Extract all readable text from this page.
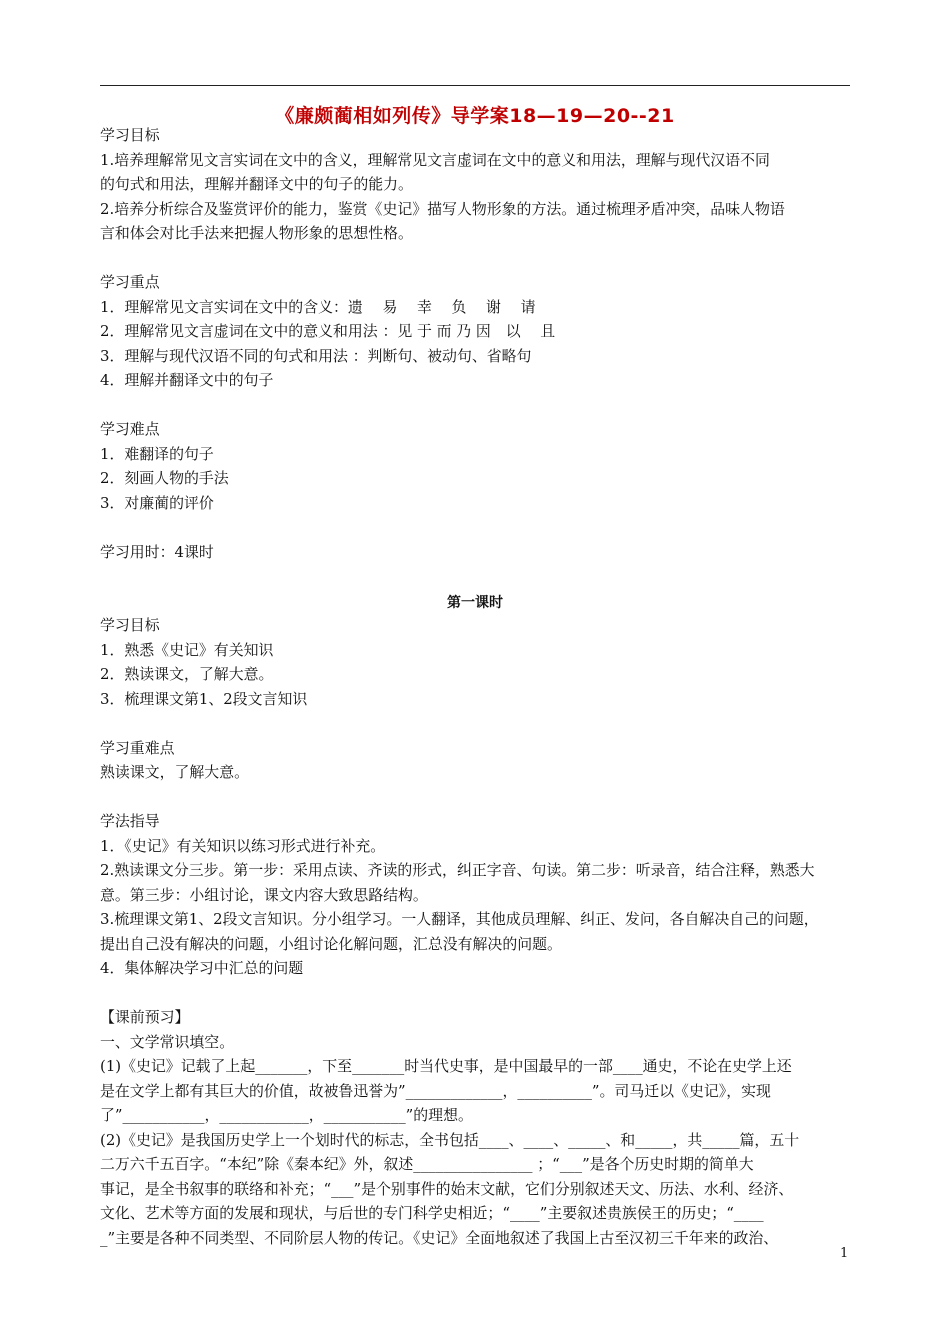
《廉颇蔺相如列传》导学案18—19—20--21
学习目标
1.培养理解常见文言实词在文中的含义，理解常见文言虚词在文中的意义和用法，理解与现代汉语不同
的句式和用法，理解并翻译文中的句子的能力。
2.培养分析综合及鉴赏评价的能力，鉴赏《史记》描写人物形象的方法。通过梳理矛盾冲突，品味人物语
言和体会对比手法来把握人物形象的思想性格。
学习重点
1．理解常见文言实词在文中的含义：遗　 易　 幸　 负　 谢　 请
2．理解常见文言虚词在文中的意义和用法 ：见 于 而 乃 因　以　 且
3．理解与现代汉语不同的句式和用法 ：判断句、被动句、省略句
4．理解并翻译文中的句子
学习难点
1．难翻译的句子
2．刻画人物的手法
3．对廉蔺的评价
学习用时：4课时
第一课时
学习目标
1．熟悉《史记》有关知识
2．熟读课文，了解大意。
3．梳理课文第1、2段文言知识
学习重难点
熟读课文，了解大意。
学法指导
1．《史记》有关知识以练习形式进行补充。
2.熟读课文分三步。第一步：采用点读、齐读的形式，纠正字音、句读。第二步：听录音，结合注释，熟悉大
意。第三步：小组讨论，课文内容大致思路结构。
3.梳理课文第1、2段文言知识。分小组学习。一人翻译，其他成员理解、纠正、发问，各自解决自己的问题，
提出自己没有解决的问题，小组讨论化解问题，汇总没有解决的问题。
4．集体解决学习中汇总的问题
【课前预习】
一、文学常识填空。
(1)《史记》记载了上起_______，下至_______时当代史事，是中国最早的一部____通史，不论在史学上还
是在文学上都有其巨大的价值，故被鲁迅誉为”_____________，__________”。司马迁以《史记》，实现
了”___________，____________，___________”的理想。
(2)《史记》是我国历史学上一个划时代的标志，全书包括____、____、_____、和_____，共_____篇，五十
二万六千五百字。“本纪”除《秦本纪》外，叙述________________ ；“___”是各个历史时期的简单大
事记，是全书叙事的联络和补充；“___”是个别事件的始末文献，它们分别叙述天文、历法、水利、经济、
文化、艺术等方面的发展和现状，与后世的专门科学史相近；“____”主要叙述贵族侯王的历史；“____
_”主要是各种不同类型、不同阶层人物的传记。《史记》全面地叙述了我国上古至汉初三千年来的政治、
1
